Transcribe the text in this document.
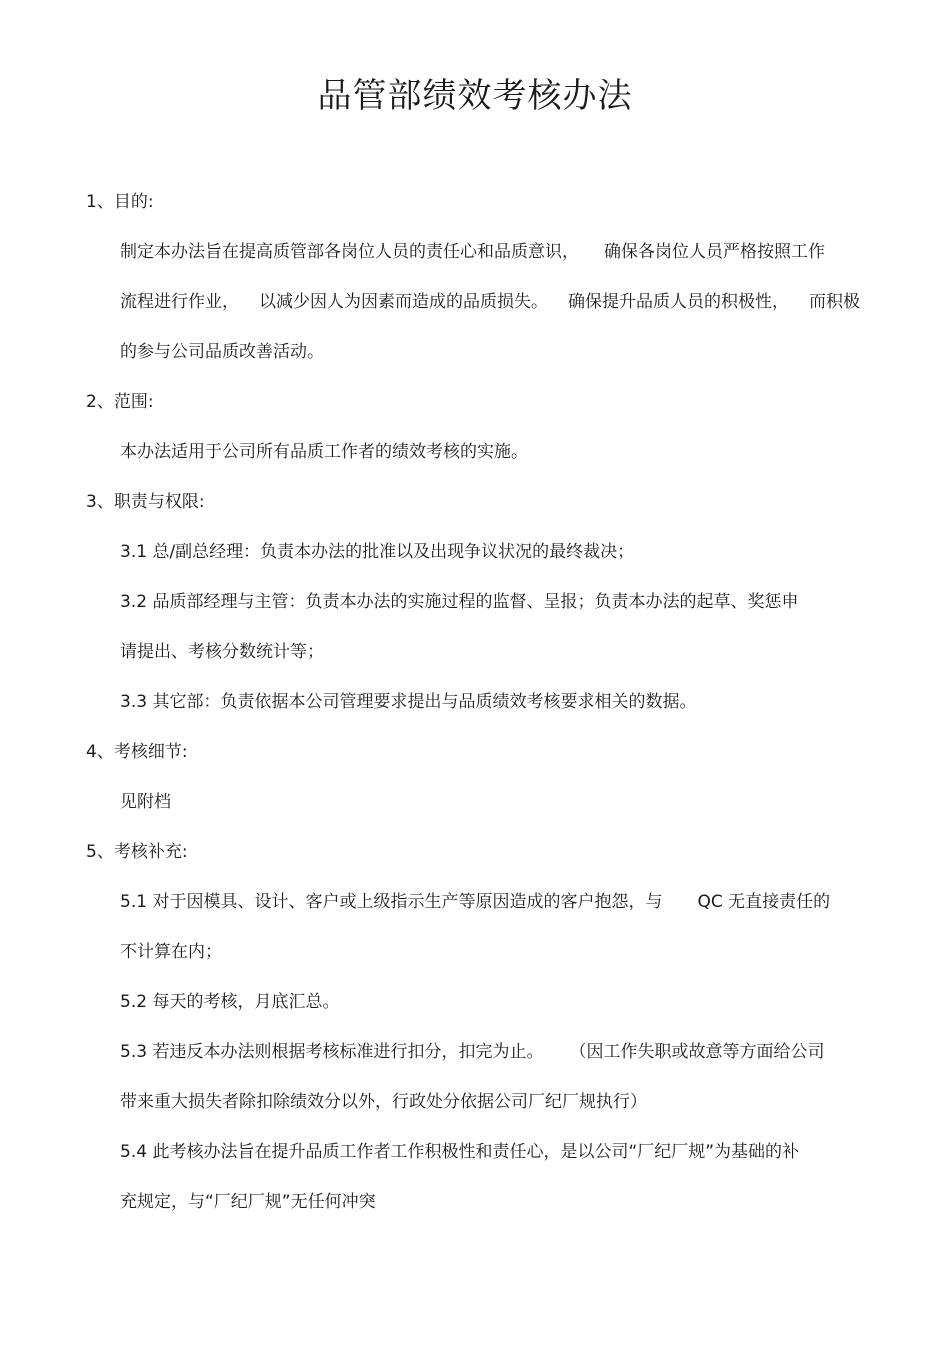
品管部绩效考核办法
1、目的:
制定本办法旨在提高质管部各岗位人员的责任心和品质意识， 确保各岗位人员严格按照工作
流程进行作业， 以减少因人为因素而造成的品质损失。 确保提升品质人员的积极性， 而积极
的参与公司品质改善活动。
2、范围:
本办法适用于公司所有品质工作者的绩效考核的实施。
3、职责与权限:
3.1 总/副总经理：负责本办法的批准以及出现争议状况的最终裁决；
3.2 品质部经理与主管：负责本办法的实施过程的监督、呈报；负责本办法的起草、奖惩申
请提出、考核分数统计等；
3.3 其它部：负责依据本公司管理要求提出与品质绩效考核要求相关的数据。
4、考核细节:
见附档
5、考核补充:
5.1 对于因模具、设计、客户或上级指示生产等原因造成的客户抱怨，与 QC 无直接责任的
不计算在内；
5.2 每天的考核，月底汇总。
5.3 若违反本办法则根据考核标准进行扣分，扣完为止。 （因工作失职或故意等方面给公司
带来重大损失者除扣除绩效分以外，行政处分依据公司厂纪厂规执行）
5.4 此考核办法旨在提升品质工作者工作积极性和责任心，是以公司“厂纪厂规”为基础的补
充规定，与“厂纪厂规”无任何冲突
